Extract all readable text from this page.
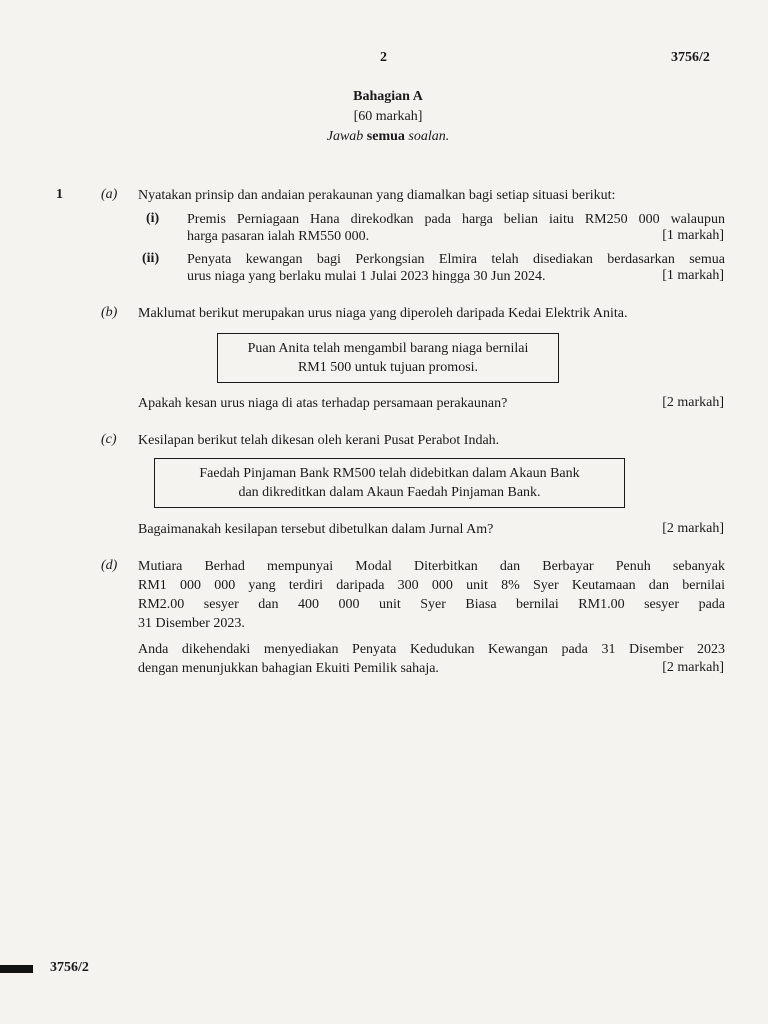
2	3756/2
Bahagian A
[60 markah]
Jawab semua soalan.
1	(a) Nyatakan prinsip dan andaian perakaunan yang diamalkan bagi setiap situasi berikut:
(i) Premis Perniagaan Hana direkodkan pada harga belian iaitu RM250 000 walaupun
harga pasaran ialah RM550 000.	[1 markah]
(ii) Penyata kewangan bagi Perkongsian Elmira telah disediakan berdasarkan semua
urus niaga yang berlaku mulai 1 Julai 2023 hingga 30 Jun 2024.	[1 markah]
(b) Maklumat berikut merupakan urus niaga yang diperoleh daripada Kedai Elektrik Anita.
Puan Anita telah mengambil barang niaga bernilai
RM1 500 untuk tujuan promosi.
Apakah kesan urus niaga di atas terhadap persamaan perakaunan?	[2 markah]
(c) Kesilapan berikut telah dikesan oleh kerani Pusat Perabot Indah.
Faedah Pinjaman Bank RM500 telah didebitkan dalam Akaun Bank
dan dikreditkan dalam Akaun Faedah Pinjaman Bank.
Bagaimanakah kesilapan tersebut dibetulkan dalam Jurnal Am?	[2 markah]
(d) Mutiara Berhad mempunyai Modal Diterbitkan dan Berbayar Penuh sebanyak
RM1 000 000 yang terdiri daripada 300 000 unit 8% Syer Keutamaan dan bernilai
RM2.00 sesyer dan 400 000 unit Syer Biasa bernilai RM1.00 sesyer pada
31 Disember 2023.
Anda dikehendaki menyediakan Penyata Kedudukan Kewangan pada 31 Disember 2023
dengan menunjukkan bahagian Ekuiti Pemilik sahaja.	[2 markah]
3756/2
